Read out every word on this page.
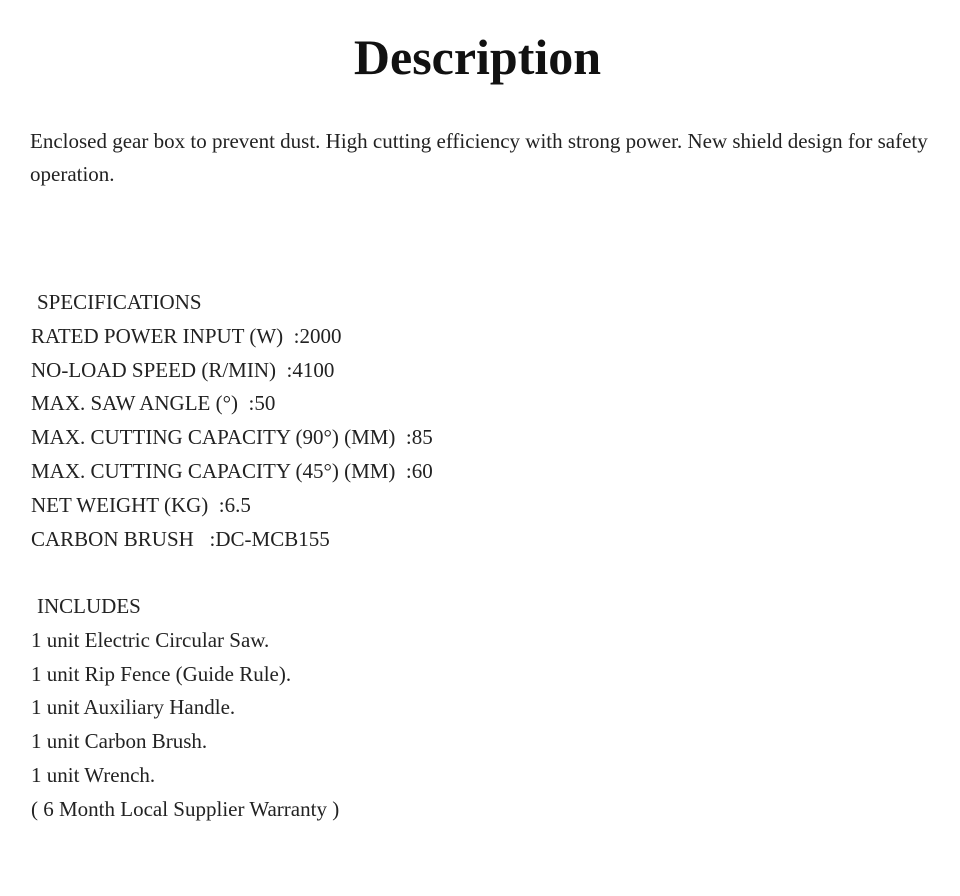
Description

Enclosed gear box to prevent dust. High cutting efficiency with strong power. New shield design for safety operation.

SPECIFICATIONS
RATED POWER INPUT (W)  :2000
NO-LOAD SPEED (R/MIN)  :4100
MAX. SAW ANGLE (°)  :50
MAX. CUTTING CAPACITY (90°) (MM)  :85
MAX. CUTTING CAPACITY (45°) (MM)  :60
NET WEIGHT (KG)  :6.5
CARBON BRUSH   :DC-MCB155
INCLUDES
1 unit Electric Circular Saw.
1 unit Rip Fence (Guide Rule).
1 unit Auxiliary Handle.
1 unit Carbon Brush.
1 unit Wrench.
( 6 Month Local Supplier Warranty )
